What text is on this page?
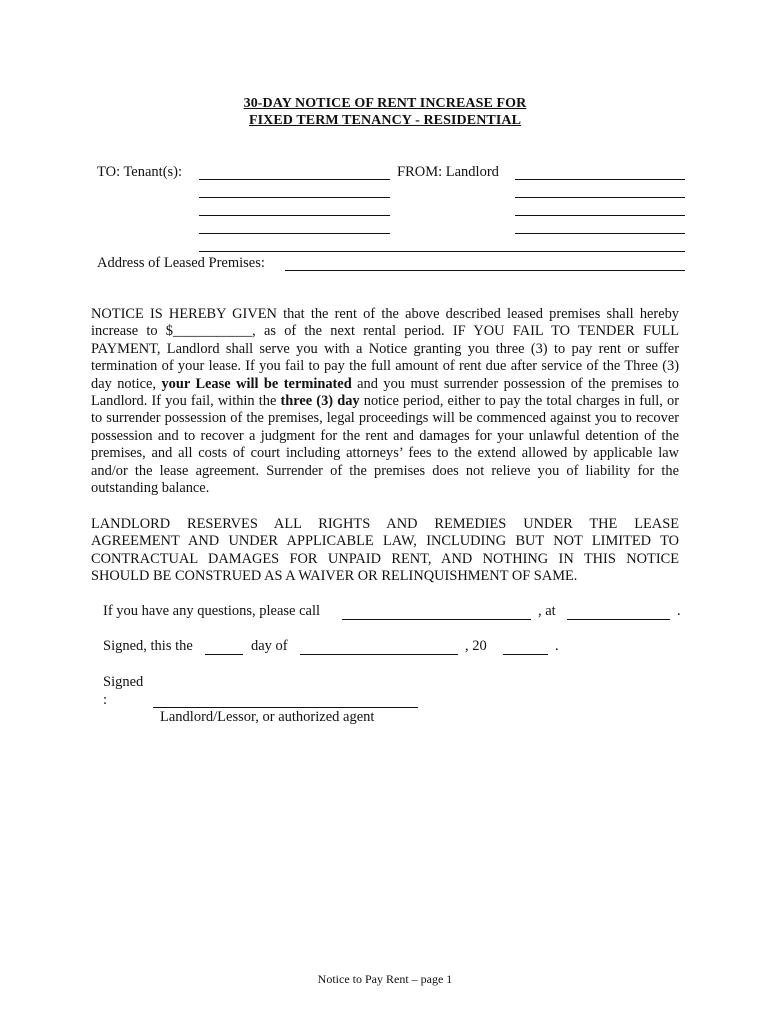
30-DAY NOTICE OF RENT INCREASE FOR
FIXED TERM TENANCY - RESIDENTIAL
TO: Tenant(s):	FROM: Landlord
Address of Leased Premises:
NOTICE IS HEREBY GIVEN that the rent of the above described leased premises shall hereby increase to $___________, as of the next rental period. IF YOU FAIL TO TENDER FULL PAYMENT, Landlord shall serve you with a Notice granting you three (3) to pay rent or suffer termination of your lease. If you fail to pay the full amount of rent due after service of the Three (3) day notice, your Lease will be terminated and you must surrender possession of the premises to Landlord. If you fail, within the three (3) day notice period, either to pay the total charges in full, or to surrender possession of the premises, legal proceedings will be commenced against you to recover possession and to recover a judgment for the rent and damages for your unlawful detention of the premises, and all costs of court including attorneys’ fees to the extend allowed by applicable law and/or the lease agreement. Surrender of the premises does not relieve you of liability for the outstanding balance.
LANDLORD RESERVES ALL RIGHTS AND REMEDIES UNDER THE LEASE
AGREEMENT AND UNDER APPLICABLE LAW, INCLUDING BUT NOT LIMITED TO
CONTRACTUAL DAMAGES FOR UNPAID RENT, AND NOTHING IN THIS NOTICE
SHOULD BE CONSTRUED AS A WAIVER OR RELINQUISHMENT OF SAME.
If you have any questions, please call	, at	.
Signed, this the	day of	, 20	.
Signed
:
Landlord/Lessor, or authorized agent
Notice to Pay Rent – page 1
